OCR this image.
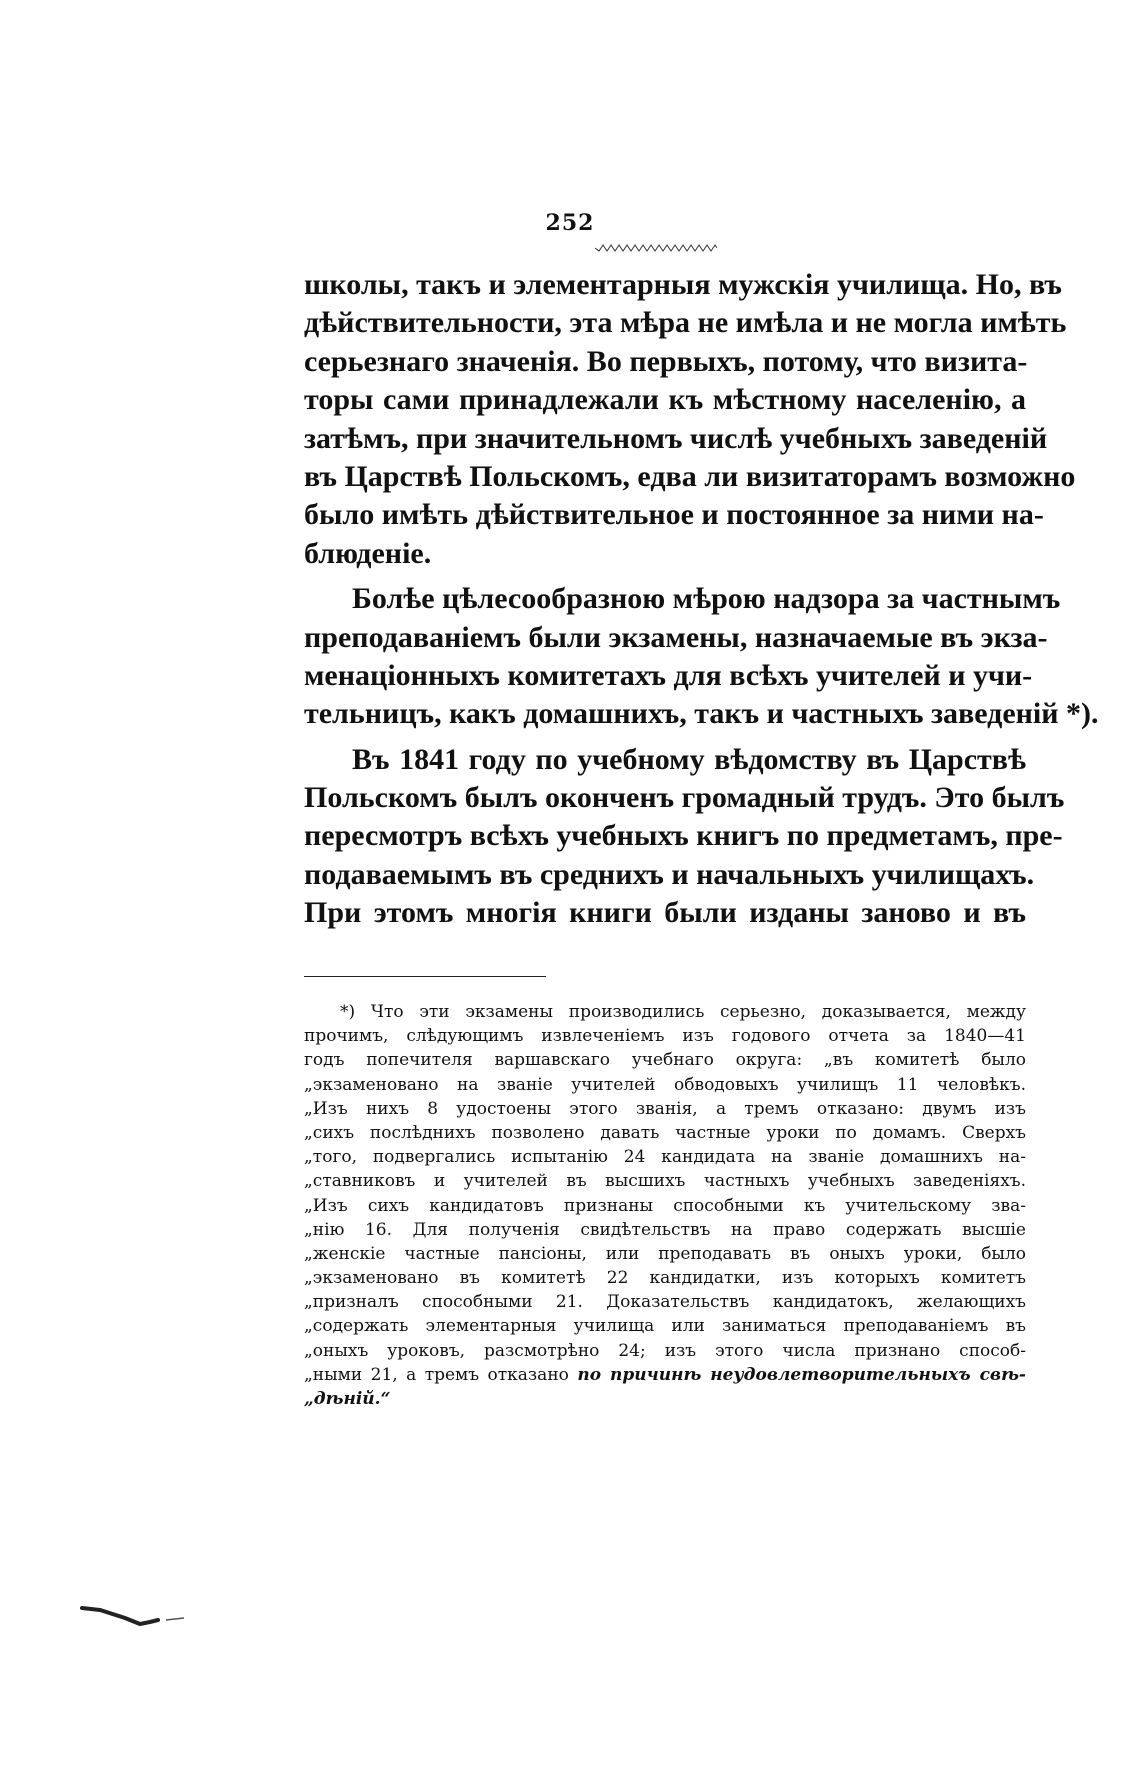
252
школы, такъ и элементарныя мужскія училища. Но, въ
дѣйствительности, эта мѣра не имѣла и не могла имѣть
серьезнаго значенія. Во первыхъ, потому, что визита-
торы сами принадлежали къ мѣстному населенію, а
затѣмъ, при значительномъ числѣ учебныхъ заведеній
въ Царствѣ Польскомъ, едва ли визитаторамъ возможно
было имѣть дѣйствительное и постоянное за ними на-
блюденіе.
Болѣе цѣлесообразною мѣрою надзора за частнымъ
преподаваніемъ были экзамены, назначаемые въ экза-
менаціонныхъ комитетахъ для всѣхъ учителей и учи-
тельницъ, какъ домашнихъ, такъ и частныхъ заведеній *).
Въ 1841 году по учебному вѣдомству въ Царствѣ
Польскомъ былъ оконченъ громадный трудъ. Это былъ
пересмотръ всѣхъ учебныхъ книгъ по предметамъ, пре-
подаваемымъ въ среднихъ и начальныхъ училищахъ.
При этомъ многія книги были изданы заново и въ
*) Что эти экзамены производились серьезно, доказывается, между
прочимъ, слѣдующимъ извлеченіемъ изъ годового отчета за 1840—41
годъ попечителя варшавскаго учебнаго округа: „въ комитетѣ было
„экзаменовано на званіе учителей обводовыхъ училищъ 11 человѣкъ.
„Изъ нихъ 8 удостоены этого званія, а тремъ отказано: двумъ изъ
„сихъ послѣднихъ позволено давать частные уроки по домамъ. Сверхъ
„того, подвергались испытанію 24 кандидата на званіе домашнихъ на-
„ставниковъ и учителей въ высшихъ частныхъ учебныхъ заведеніяхъ.
„Изъ сихъ кандидатовъ признаны способными къ учительскому зва-
„нію 16. Для полученія свидѣтельствъ на право содержать высшіе
„женскіе частные пансіоны, или преподавать въ оныхъ уроки, было
„экзаменовано въ комитетѣ 22 кандидатки, изъ которыхъ комитетъ
„призналъ способными 21. Доказательствъ кандидатокъ, желающихъ
„содержать элементарныя училища или заниматься преподаваніемъ въ
„оныхъ уроковъ, разсмотрѣно 24; изъ этого числа признано способ-
„ными 21, а тремъ отказано по причинѣ неудовлетворительныхъ свѣ-
„дѣній.“
